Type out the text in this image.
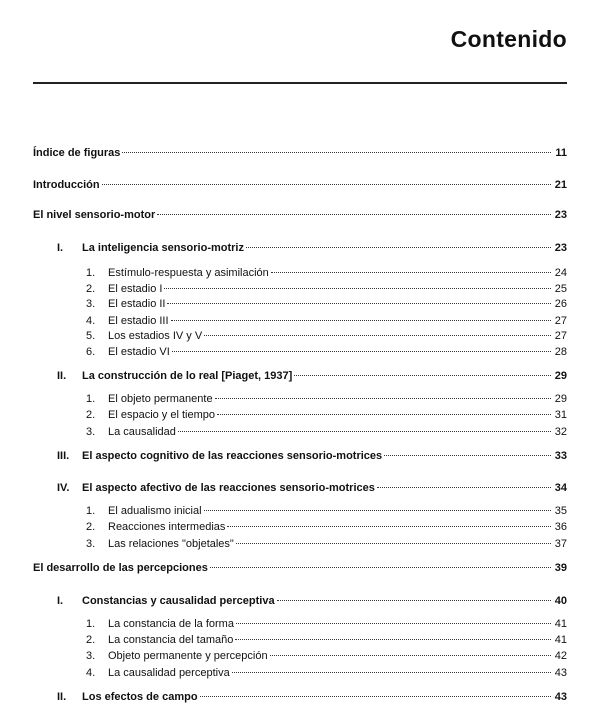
Contenido
Índice de figuras	11
Introducción	21
El nivel sensorio-motor	23
I.	La inteligencia sensorio-motriz	23
1.	Estímulo-respuesta y asimilación	24
2.	El estadio I	25
3.	El estadio II	26
4.	El estadio III	27
5.	Los estadios IV y V	27
6.	El estadio VI	28
II.	La construcción de lo real [Piaget, 1937]	29
1.	El objeto permanente	29
2.	El espacio y el tiempo	31
3.	La causalidad	32
III.	El aspecto cognitivo de las reacciones sensorio-motrices	33
IV.	El aspecto afectivo de las reacciones sensorio-motrices	34
1.	El adualismo inicial	35
2.	Reacciones intermedias	36
3.	Las relaciones "objetales"	37
El desarrollo de las percepciones	39
I.	Constancias y causalidad perceptiva	40
1.	La constancia de la forma	41
2.	La constancia del tamaño	41
3.	Objeto permanente y percepción	42
4.	La causalidad perceptiva	43
II.	Los efectos de campo	43
